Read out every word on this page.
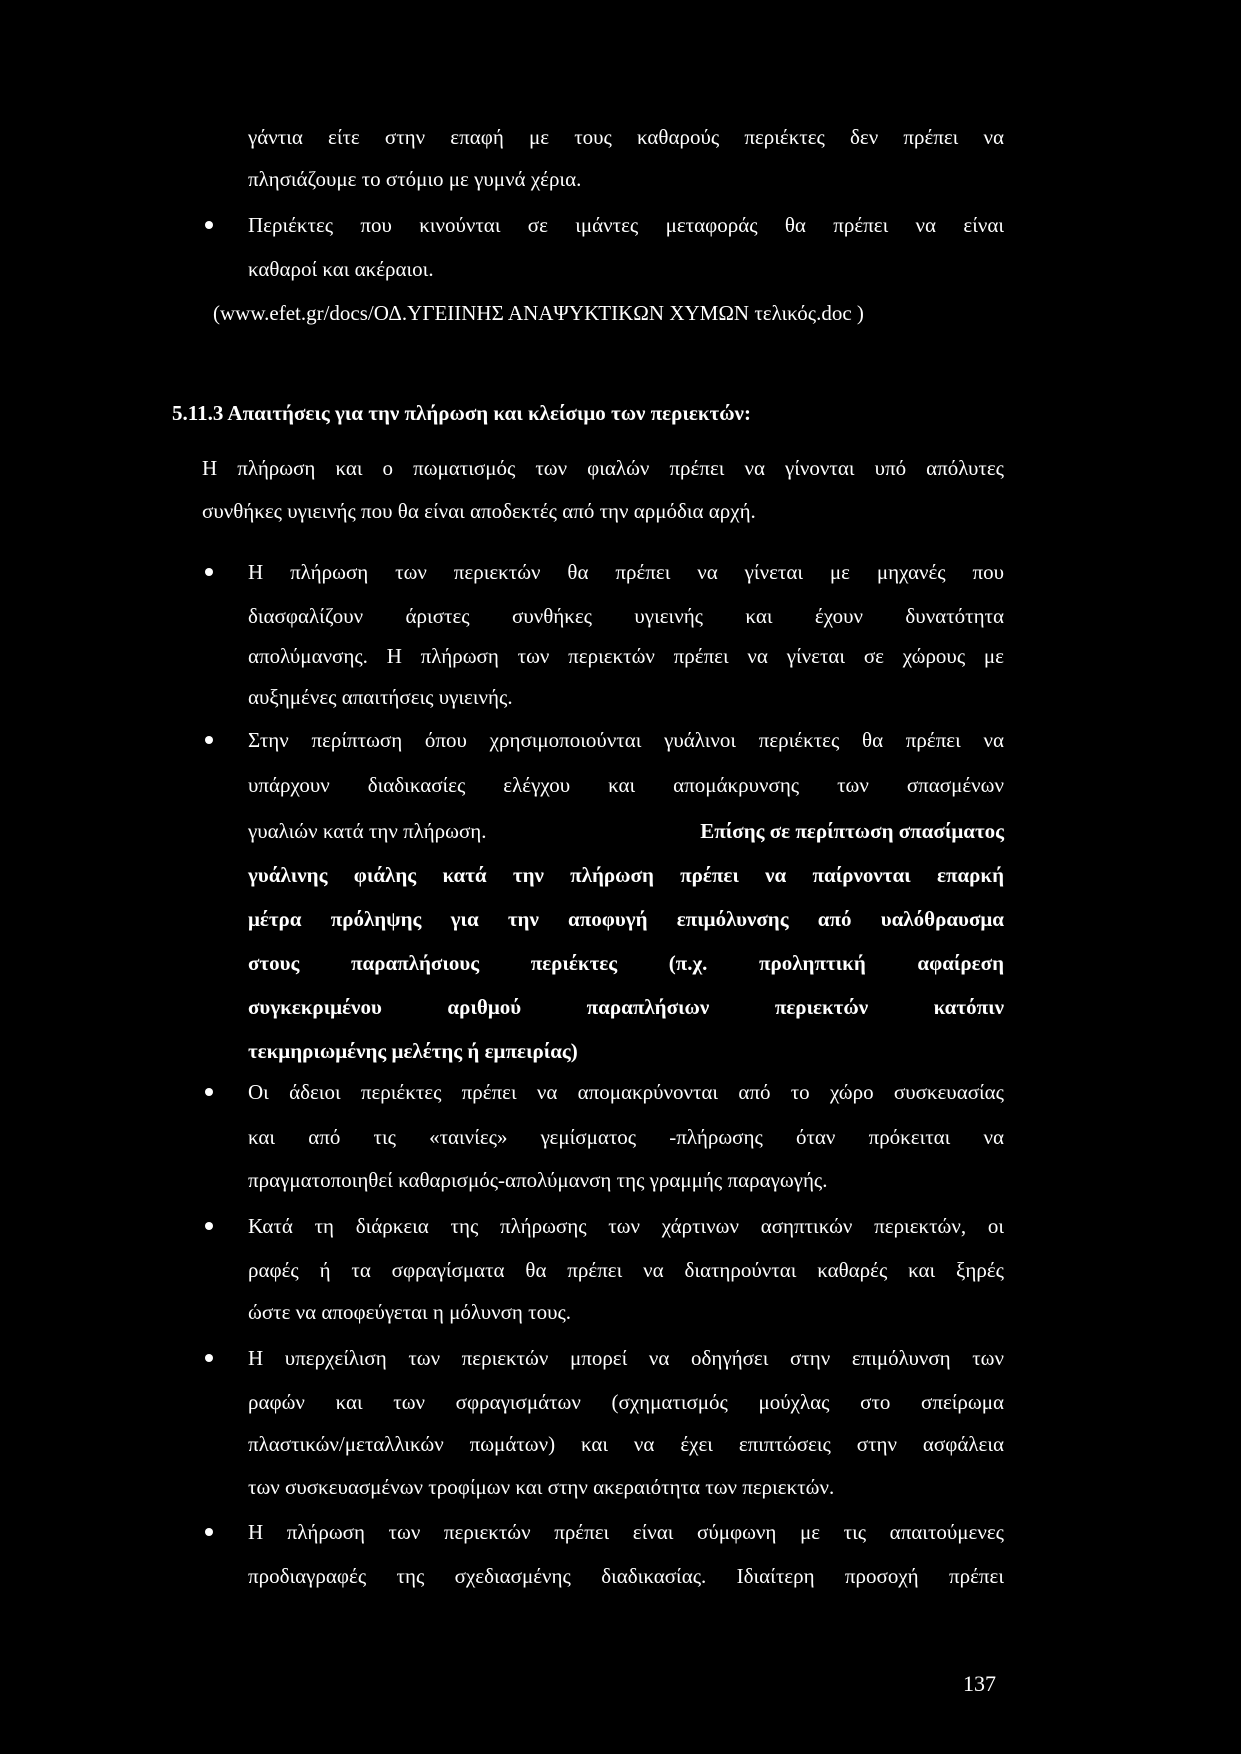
γάντια είτε στην επαφή με τους καθαρούς περιέκτες δεν πρέπει να
πλησιάζουμε το στόμιο με γυμνά χέρια.
Περιέκτες που κινούνται σε ιμάντες μεταφοράς θα πρέπει να είναι
καθαροί και ακέραιοι.
(www.efet.gr/docs/ΟΔ.ΥΓΕΙΙΝΗΣ ΑΝΑΨΥΚΤΙΚΩΝ ΧΥΜΩΝ τελικός.doc )
5.11.3 Απαιτήσεις για την πλήρωση και κλείσιμο των περιεκτών:
Η πλήρωση και ο πωματισμός των φιαλών πρέπει να γίνονται υπό απόλυτες
συνθήκες υγιεινής που θα είναι αποδεκτές από την αρμόδια αρχή.
Η πλήρωση των περιεκτών θα πρέπει να γίνεται με μηχανές που
διασφαλίζουν άριστες συνθήκες υγιεινής και έχουν δυνατότητα
απολύμανσης. Η πλήρωση των περιεκτών πρέπει να γίνεται σε χώρους με
αυξημένες απαιτήσεις υγιεινής.
Στην περίπτωση όπου χρησιμοποιούνται γυάλινοι περιέκτες θα πρέπει να
υπάρχουν διαδικασίες ελέγχου και απομάκρυνσης των σπασμένων
γυαλιών κατά την πλήρωση.	Επίσης σε περίπτωση σπασίματος
γυάλινης φιάλης κατά την πλήρωση πρέπει να παίρνονται επαρκή
μέτρα πρόληψης για την αποφυγή επιμόλυνσης από υαλόθραυσμα
στους παραπλήσιους περιέκτες (π.χ. προληπτική αφαίρεση
συγκεκριμένου αριθμού παραπλήσιων περιεκτών κατόπιν
τεκμηριωμένης μελέτης ή εμπειρίας)
Οι άδειοι περιέκτες πρέπει να απομακρύνονται από το χώρο συσκευασίας
και από τις «ταινίες» γεμίσματος -πλήρωσης όταν πρόκειται να
πραγματοποιηθεί καθαρισμός-απολύμανση της γραμμής παραγωγής.
Κατά τη διάρκεια της πλήρωσης των χάρτινων ασηπτικών περιεκτών, οι
ραφές ή τα σφραγίσματα θα πρέπει να διατηρούνται καθαρές και ξηρές
ώστε να αποφεύγεται η μόλυνση τους.
Η υπερχείλιση των περιεκτών μπορεί να οδηγήσει στην επιμόλυνση των
ραφών και των σφραγισμάτων (σχηματισμός μούχλας στο σπείρωμα
πλαστικών/μεταλλικών πωμάτων) και να έχει επιπτώσεις στην ασφάλεια
των συσκευασμένων τροφίμων και στην ακεραιότητα των περιεκτών.
Η πλήρωση των περιεκτών πρέπει είναι σύμφωνη με τις απαιτούμενες
προδιαγραφές της σχεδιασμένης διαδικασίας. Ιδιαίτερη προσοχή πρέπει
137
